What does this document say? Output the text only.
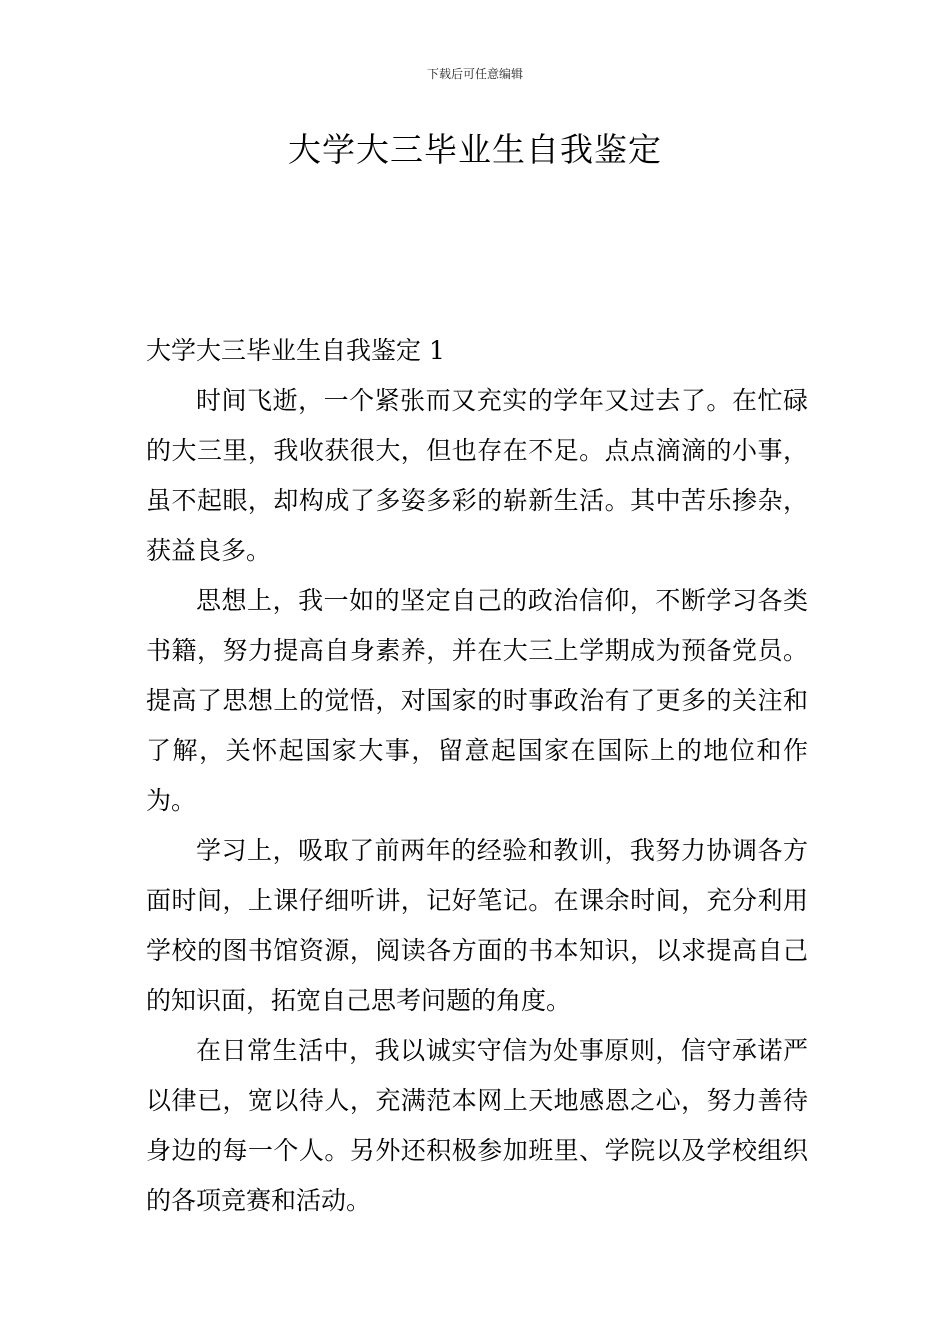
下载后可任意编辑
大学大三毕业生自我鉴定

大学大三毕业生自我鉴定 1

时间飞逝，一个紧张而又充实的学年又过去了。在忙碌的大三里，我收获很大，但也存在不足。点点滴滴的小事，虽不起眼，却构成了多姿多彩的崭新生活。其中苦乐掺杂，获益良多。

思想上，我一如的坚定自己的政治信仰，不断学习各类书籍，努力提高自身素养，并在大三上学期成为预备党员。提高了思想上的觉悟，对国家的时事政治有了更多的关注和了解，关怀起国家大事，留意起国家在国际上的地位和作为。

学习上，吸取了前两年的经验和教训，我努力协调各方面时间，上课仔细听讲，记好笔记。在课余时间，充分利用学校的图书馆资源，阅读各方面的书本知识，以求提高自己的知识面，拓宽自己思考问题的角度。

在日常生活中，我以诚实守信为处事原则，信守承诺严以律已，宽以待人，充满范本网上天地感恩之心，努力善待身边的每一个人。另外还积极参加班里、学院以及学校组织的各项竞赛和活动。
